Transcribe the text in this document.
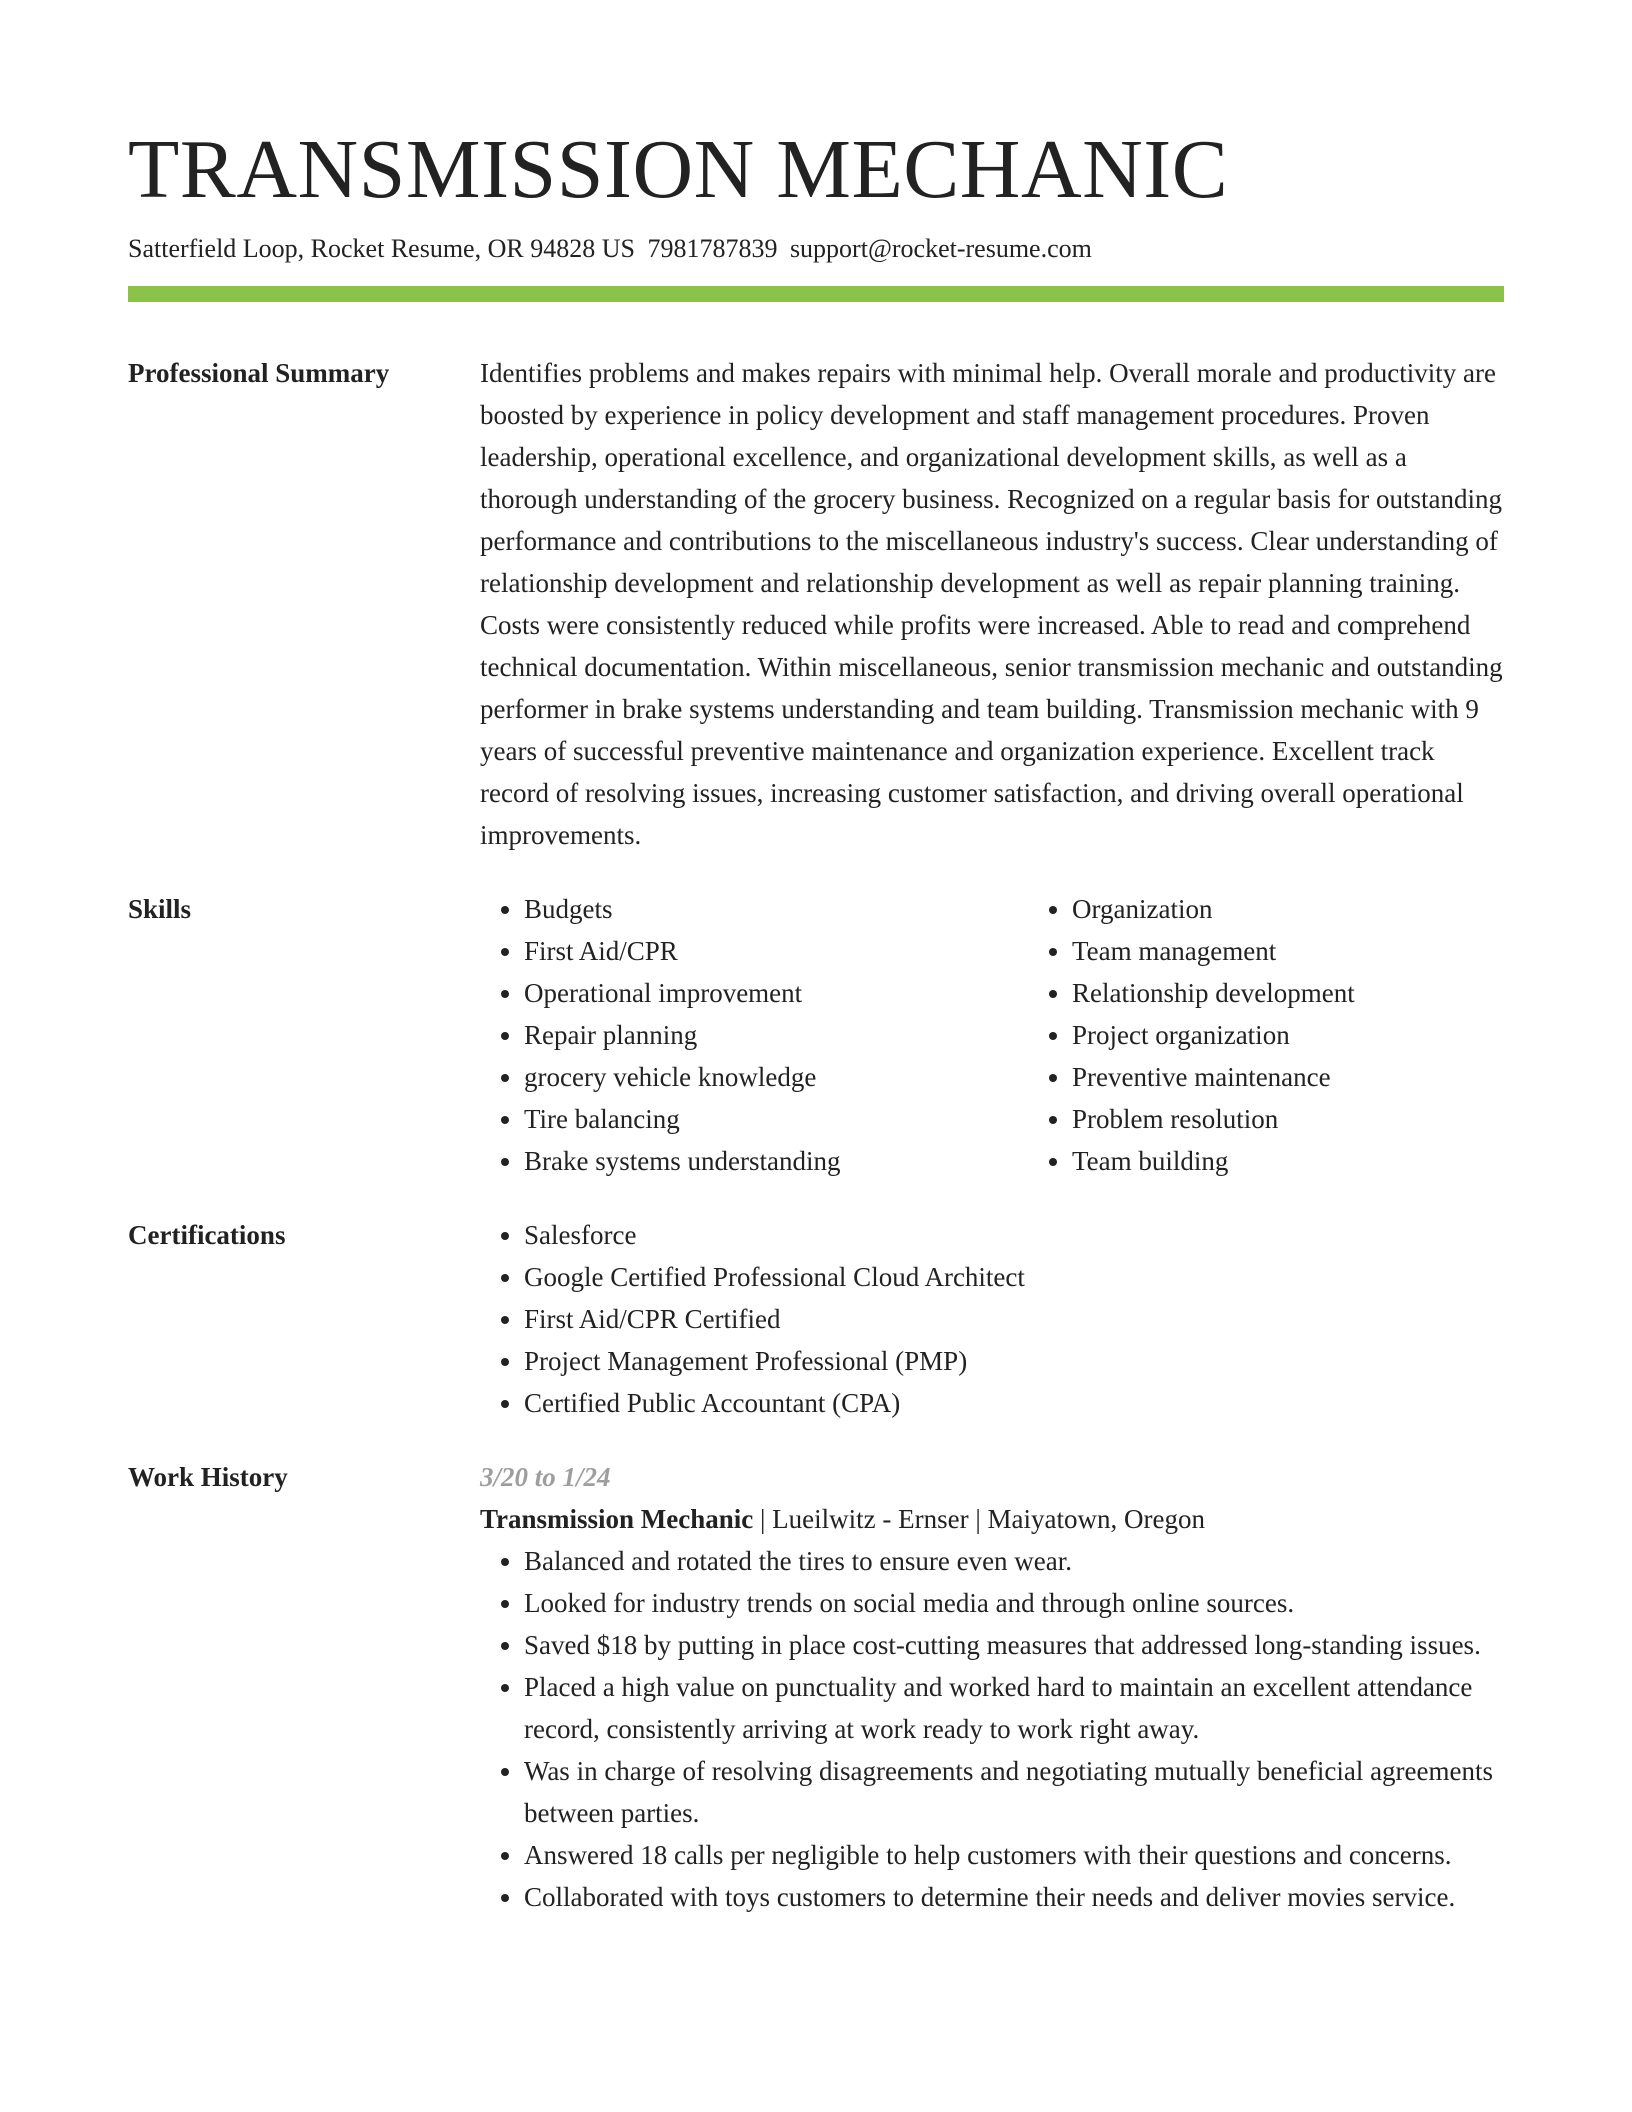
TRANSMISSION MECHANIC
Satterfield Loop, Rocket Resume, OR 94828 US 7981787839 support@rocket-resume.com
Professional Summary	Identifies problems and makes repairs with minimal help. Overall morale and productivity are boosted by experience in policy development and staff management procedures. Proven leadership, operational excellence, and organizational development skills, as well as a thorough understanding of the grocery business. Recognized on a regular basis for outstanding performance and contributions to the miscellaneous industry's success. Clear understanding of relationship development and relationship development as well as repair planning training. Costs were consistently reduced while profits were increased. Able to read and comprehend technical documentation. Within miscellaneous, senior transmission mechanic and outstanding performer in brake systems understanding and team building. Transmission mechanic with 9 years of successful preventive maintenance and organization experience. Excellent track record of resolving issues, increasing customer satisfaction, and driving overall operational improvements.

Skills	• Budgets
• First Aid/CPR
• Operational improvement
• Repair planning
• grocery vehicle knowledge
• Tire balancing
• Brake systems understanding
• Organization
• Team management
• Relationship development
• Project organization
• Preventive maintenance
• Problem resolution
• Team building
Certifications	• Salesforce
• Google Certified Professional Cloud Architect
• First Aid/CPR Certified
• Project Management Professional (PMP)
• Certified Public Accountant (CPA)
Work History	3/20 to 1/24
Transmission Mechanic | Lueilwitz - Ernser | Maiyatown, Oregon
• Balanced and rotated the tires to ensure even wear.
• Looked for industry trends on social media and through online sources.
• Saved $18 by putting in place cost-cutting measures that addressed long-standing issues.
• Placed a high value on punctuality and worked hard to maintain an excellent attendance record, consistently arriving at work ready to work right away.
• Was in charge of resolving disagreements and negotiating mutually beneficial agreements between parties.
• Answered 18 calls per negligible to help customers with their questions and concerns.
• Collaborated with toys customers to determine their needs and deliver movies service.
